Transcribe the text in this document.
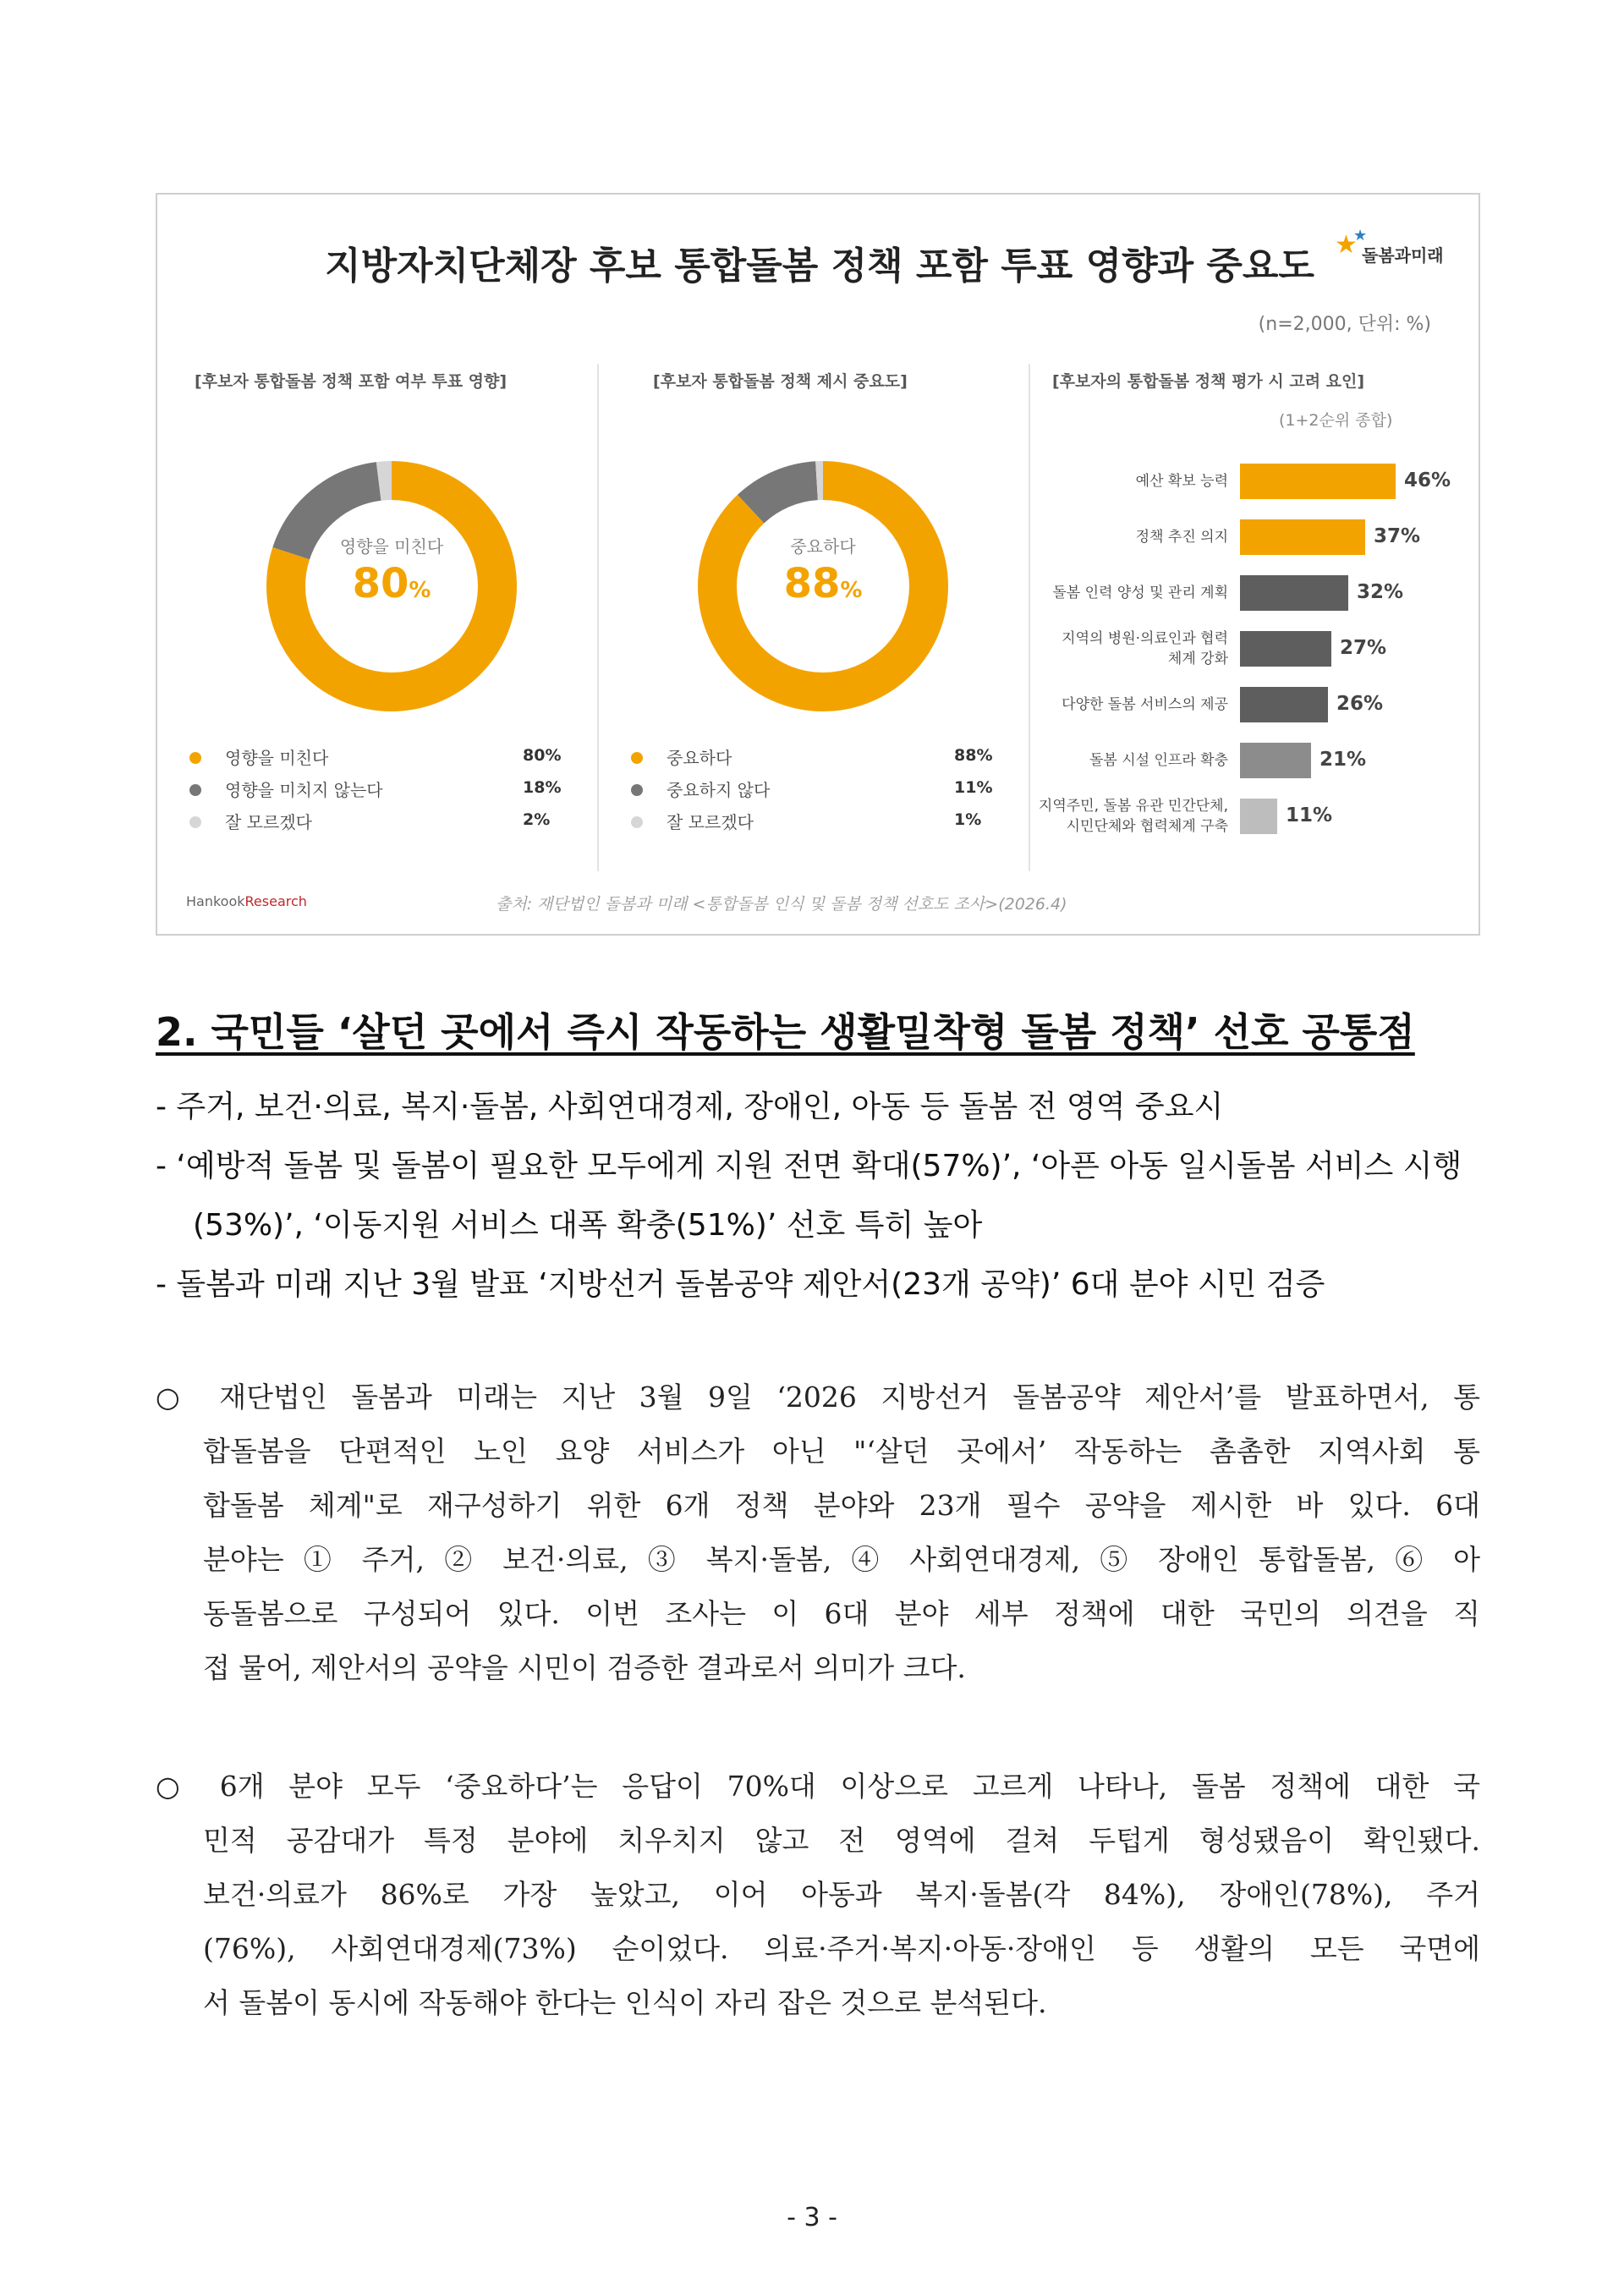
지방자치단체장 후보 통합돌봄 정책 포함 투표 영향과 중요도 ★
★
돌봄과미래
(n=2,000, 단위: %)
[후보자 통합돌봄 정책 포함 여부 투표 영향]
영향을 미친다
80%
영향을 미친다	80%
영향을 미치지 않는다	18%
잘 모르겠다	2%
[후보자 통합돌봄 정책 제시 중요도]
중요하다
88%
중요하다	88%
중요하지 않다	11%
잘 모르겠다	1%
[후보자의 통합돌봄 정책 평가 시 고려 요인]
(1+2순위 종합)
예산 확보 능력	46%
정책 추진 의지	37%
돌봄 인력 양성 및 관리 계획	32%
지역의 병원·의료인과 협력
체계 강화	27%
다양한 돌봄 서비스의 제공	26%
돌봄 시설 인프라 확충	21%
지역주민, 돌봄 유관 민간단체,
시민단체와 협력체계 구축	11%
HankookResearch	출처: 재단법인 돌봄과 미래 <통합돌봄 인식 및 돌봄 정책 선호도 조사>(2026.4)
2. 국민들 ‘살던 곳에서 즉시 작동하는 생활밀착형 돌봄 정책’ 선호 공통점
- 주거, 보건·의료, 복지·돌봄, 사회연대경제, 장애인, 아동 등 돌봄 전 영역 중요시
- ‘예방적 돌봄 및 돌봄이 필요한 모두에게 지원 전면 확대(57%)’, ‘아픈 아동 일시돌봄 서비스 시행
(53%)’, ‘이동지원 서비스 대폭 확충(51%)’ 선호 특히 높아
- 돌봄과 미래 지난 3월 발표 ‘지방선거 돌봄공약 제안서(23개 공약)’ 6대 분야 시민 검증
○ 재단법인 돌봄과 미래는 지난 3월 9일 ‘2026 지방선거 돌봄공약 제안서’를 발표하면서, 통
합돌봄을 단편적인 노인 요양 서비스가 아닌 "‘살던 곳에서’ 작동하는 촘촘한 지역사회 통
합돌봄 체계"로 재구성하기 위한 6개 정책 분야와 23개 필수 공약을 제시한 바 있다. 6대
분야는 ① 주거, ② 보건·의료, ③ 복지·돌봄, ④ 사회연대경제, ⑤ 장애인 통합돌봄, ⑥ 아
동돌봄으로 구성되어 있다. 이번 조사는 이 6대 분야 세부 정책에 대한 국민의 의견을 직
접 물어, 제안서의 공약을 시민이 검증한 결과로서 의미가 크다.
○ 6개 분야 모두 ‘중요하다’는 응답이 70%대 이상으로 고르게 나타나, 돌봄 정책에 대한 국
민적 공감대가 특정 분야에 치우치지 않고 전 영역에 걸쳐 두텁게 형성됐음이 확인됐다.
보건·의료가 86%로 가장 높았고, 이어 아동과 복지·돌봄(각 84%), 장애인(78%), 주거
(76%), 사회연대경제(73%) 순이었다. 의료·주거·복지·아동·장애인 등 생활의 모든 국면에
서 돌봄이 동시에 작동해야 한다는 인식이 자리 잡은 것으로 분석된다.
- 3 -
